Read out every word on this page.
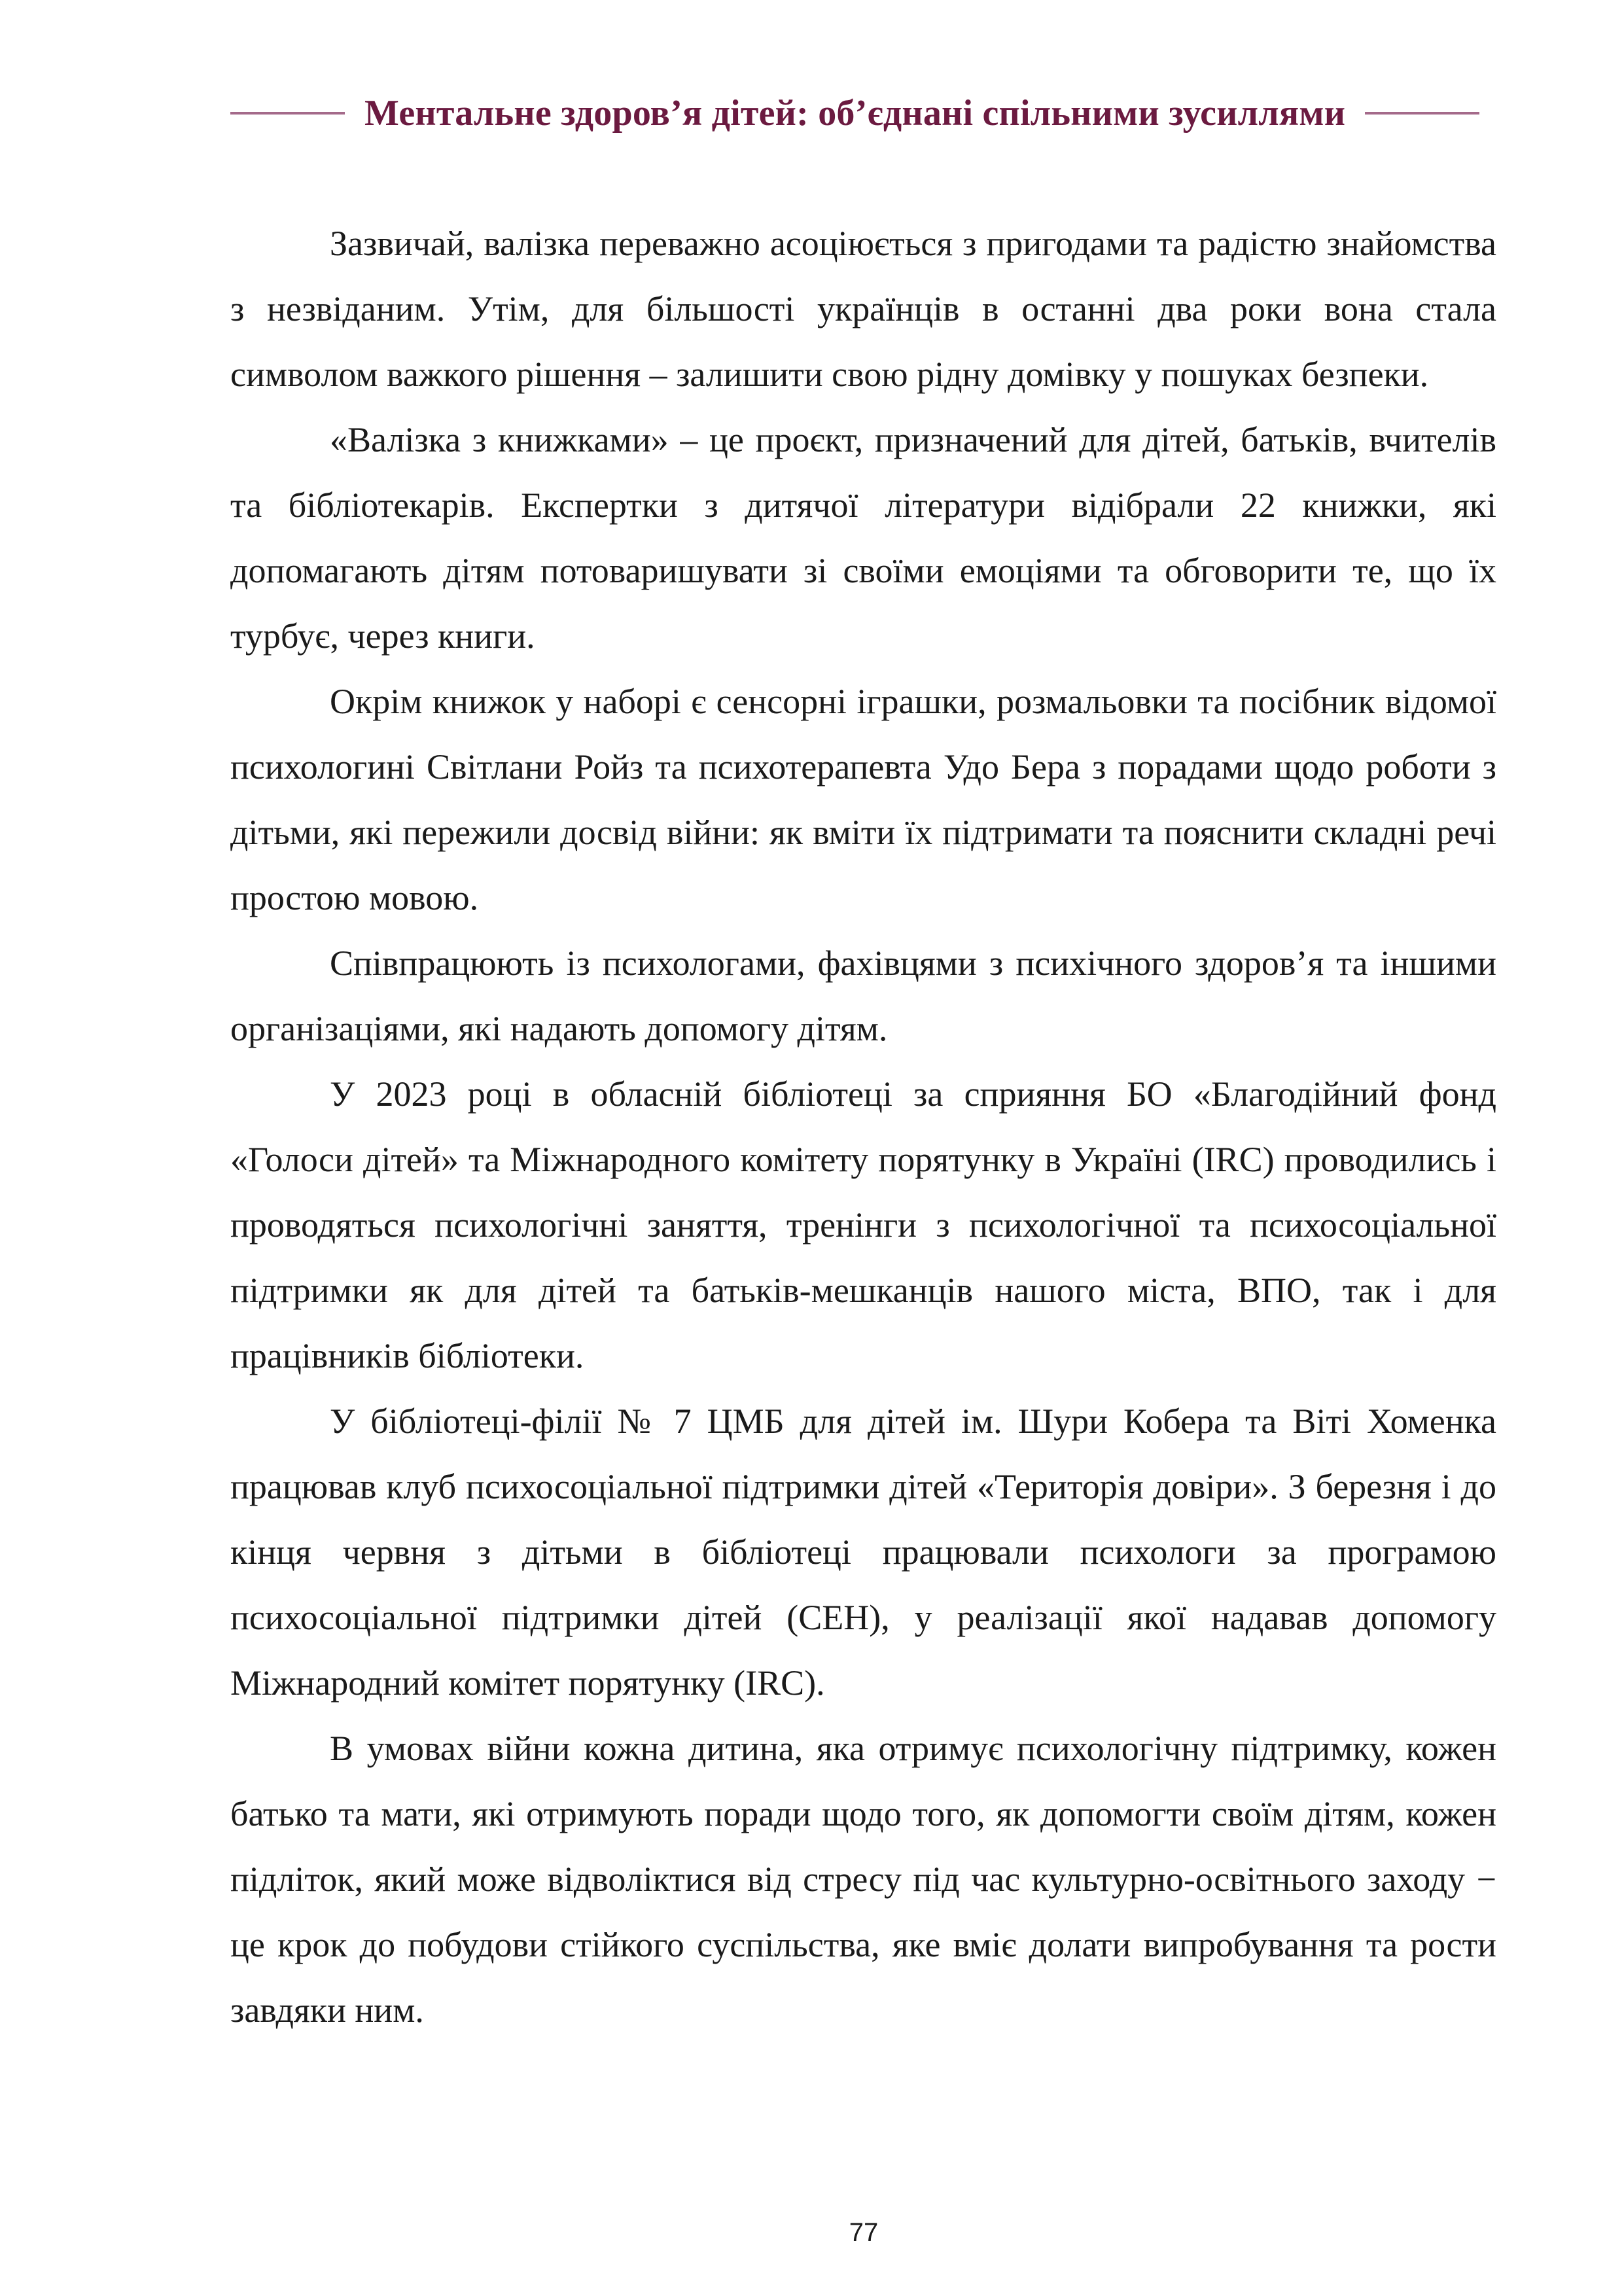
Ментальне здоров’я дітей: об’єднані спільними зусиллями

Зазвичай, валізка переважно асоціюється з пригодами та радістю знайомства з незвіданим. Утім, для більшості українців в останні два роки вона стала символом важкого рішення – залишити свою рідну домівку у пошуках безпеки.

«Валізка з книжками» – це проєкт, призначений для дітей, батьків, вчителів та бібліотекарів. Експертки з дитячої літератури відібрали 22 книжки, які допомагають дітям потоваришувати зі своїми емоціями та обговорити те, що їх турбує, через книги.

Окрім книжок у наборі є сенсорні іграшки, розмальовки та посібник відомої психологині Світлани Ройз та психотерапевта Удо Бера з порадами щодо роботи з дітьми, які пережили досвід війни: як вміти їх підтримати та пояснити складні речі простою мовою.

Співпрацюють із психологами, фахівцями з психічного здоров’я та іншими організаціями, які надають допомогу дітям.

У 2023 році в обласній бібліотеці за сприяння БО «Благодійний фонд «Голоси дітей» та Міжнародного комітету порятунку в Україні (IRC) проводились і проводяться психологічні заняття, тренінги з психологічної та психосоціальної підтримки як для дітей та батьків-мешканців нашого міста, ВПО, так і для працівників бібліотеки.

У бібліотеці-філії № 7 ЦМБ для дітей ім. Шури Кобера та Віті Хоменка працював клуб психосоціальної підтримки дітей «Територія довіри». З березня і до кінця червня з дітьми в бібліотеці працювали психологи за програмою психосоціальної підтримки дітей (СЕН), у реалізації якої надавав допомогу Міжнародний комітет порятунку (IRC).

В умовах війни кожна дитина, яка отримує психологічну підтримку, кожен батько та мати, які отримують поради щодо того, як допомогти своїм дітям, кожен підліток, який може відволіктися від стресу під час культурно-освітнього заходу − це крок до побудови стійкого суспільства, яке вміє долати випробування та рости завдяки ним.

77
